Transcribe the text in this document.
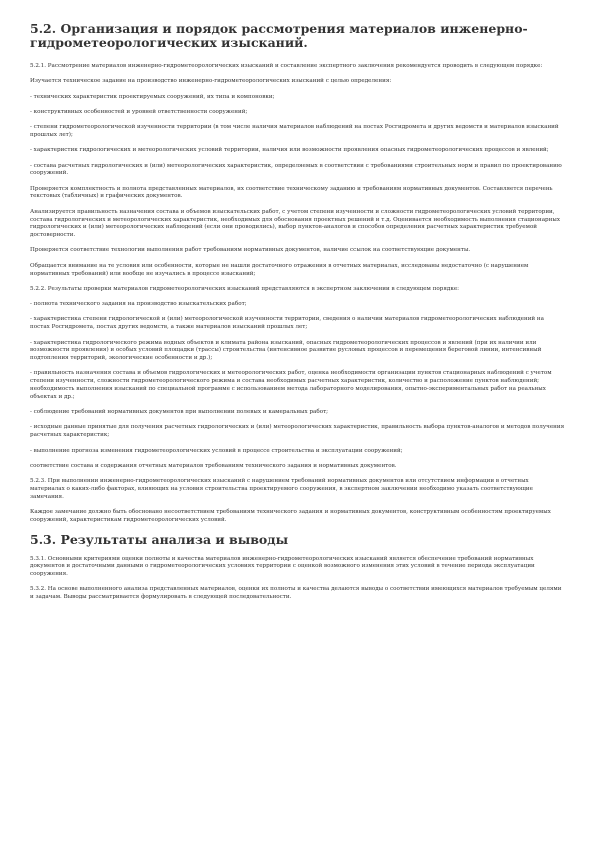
5.2. Организация и порядок рассмотрения материалов инженерно-гидрометеорологических изысканий.

5.2.1. Рассмотрение материалов инженерно-гидрометеорологических изысканий и составление экспертного заключения рекомендуется проводить в следующем порядке:

Изучается техническое задание на производство инженерно-гидрометеорологических изысканий с целью определения:

- технических характеристик проектируемых сооружений, их типа и компоновки;

- конструктивных особенностей и уровней ответственности сооружений;

- степени гидрометеорологической изученности территории (в том числе наличия материалов наблюдений на постах Росгидромета и других ведомств и материалов изысканий прошлых лет);

- характеристик гидрологических и метеорологических условий территории, наличия или возможности проявления опасных гидрометеорологических процессов и явлений;

- состава расчетных гидрологических и (или) метеорологических характеристик, определяемых в соответствии с требованиями строительных норм и правил по проектированию сооружений.

Проверяется комплектность и полнота представленных материалов, их соответствие техническому заданию и требованиям нормативных документов. Составляется перечень текстовых (табличных) и графических документов.

Анализируется правильность назначения состава и объемов изыскательских работ, с учетом степени изученности и сложности гидрометеорологических условий территории, состава гидрологических и метеорологических характеристик, необходимых для обоснования проектных решений и т.д. Оценивается необходимость выполнения стационарных гидрологических и (или) метеорологических наблюдений (если они проводились), выбор пунктов-аналогов и способов определения расчетных характеристик требуемой достоверности.

Проверяется соответствие технологии выполнения работ требованиям нормативных документов, наличие ссылок на соответствующие документы.

Обращается внимание на те условия или особенности, которые не нашли достаточного отражения в отчетных материалах, исследованы недостаточно (с нарушением нормативных требований) или вообще не изучались в процессе изысканий;

5.2.2. Результаты проверки материалов гидрометеорологических изысканий представляются в экспертном заключении в следующем порядке:

- полнота технического задания на производство изыскательских работ;

- характеристика степени гидрологической и (или) метеорологической изученности территории, сведения о наличии материалов гидрометеорологических наблюдений на постах Росгидромета, постах других ведомств, а также материалов изысканий прошлых лет;

- характеристика гидрологического режима водных объектов и климата района изысканий, опасных гидрометеорологических процессов и явлений (при их наличии или возможности проявления) и особых условий площадки (трассы) строительства (интенсивное развитие русловых процессов и перемещения береговой линии, интенсивный подтопления территорий, экологические особенности и др.);

- правильность назначения состава и объемов гидрологических и метеорологических работ, оценка необходимости организации пунктов стационарных наблюдений с учетом степени изученности, сложности гидрометеорологического режима и состава необходимых расчетных характеристик, количество и расположение пунктов наблюдений; необходимость выполнения изысканий по специальной программе с использованием метода лабораторного моделирования, опытно-экспериментальных работ на реальных объектах и др.;

- соблюдение требований нормативных документов при выполнении полевых и камеральных работ;

- исходные данные принятые для получения расчетных гидрологических и (или) метеорологических характеристик, правильность выбора пунктов-аналогов и методов получения расчетных характеристик;

- выполнение прогноза изменения гидрометеорологических условий в процессе строительства и эксплуатации сооружений;

соответствие состава и содержания отчетных материалов требованиям технического задания и нормативных документов.

5.2.3. При выполнении инженерно-гидрометеорологических изысканий с нарушением требований нормативных документов или отсутствием информации в отчетных материалах о каких-либо факторах, влияющих на условия строительства проектируемого сооружения, в экспертном заключении необходимо указать соответствующие замечания.

Каждое замечание должно быть обосновано несоответствием требованиям технического задания и нормативных документов, конструктивным особенностям проектируемых сооружений, характеристикам гидрометеорологических условий.

5.3. Результаты анализа и выводы

5.3.1. Основными критериями оценки полноты и качества материалов инженерно-гидрометеорологических изысканий является обеспечение требований нормативных документов и достаточными данными о гидрометеорологических условиях территории с оценкой возможного изменения этих условий в течение периода эксплуатации сооружения.

5.3.2. На основе выполненного анализа представленных материалов, оценки их полноты и качества делаются выводы о соответствии имеющихся материалов требуемым целями и задачам. Выводы рассматривается формулировать в следующей последовательности.
